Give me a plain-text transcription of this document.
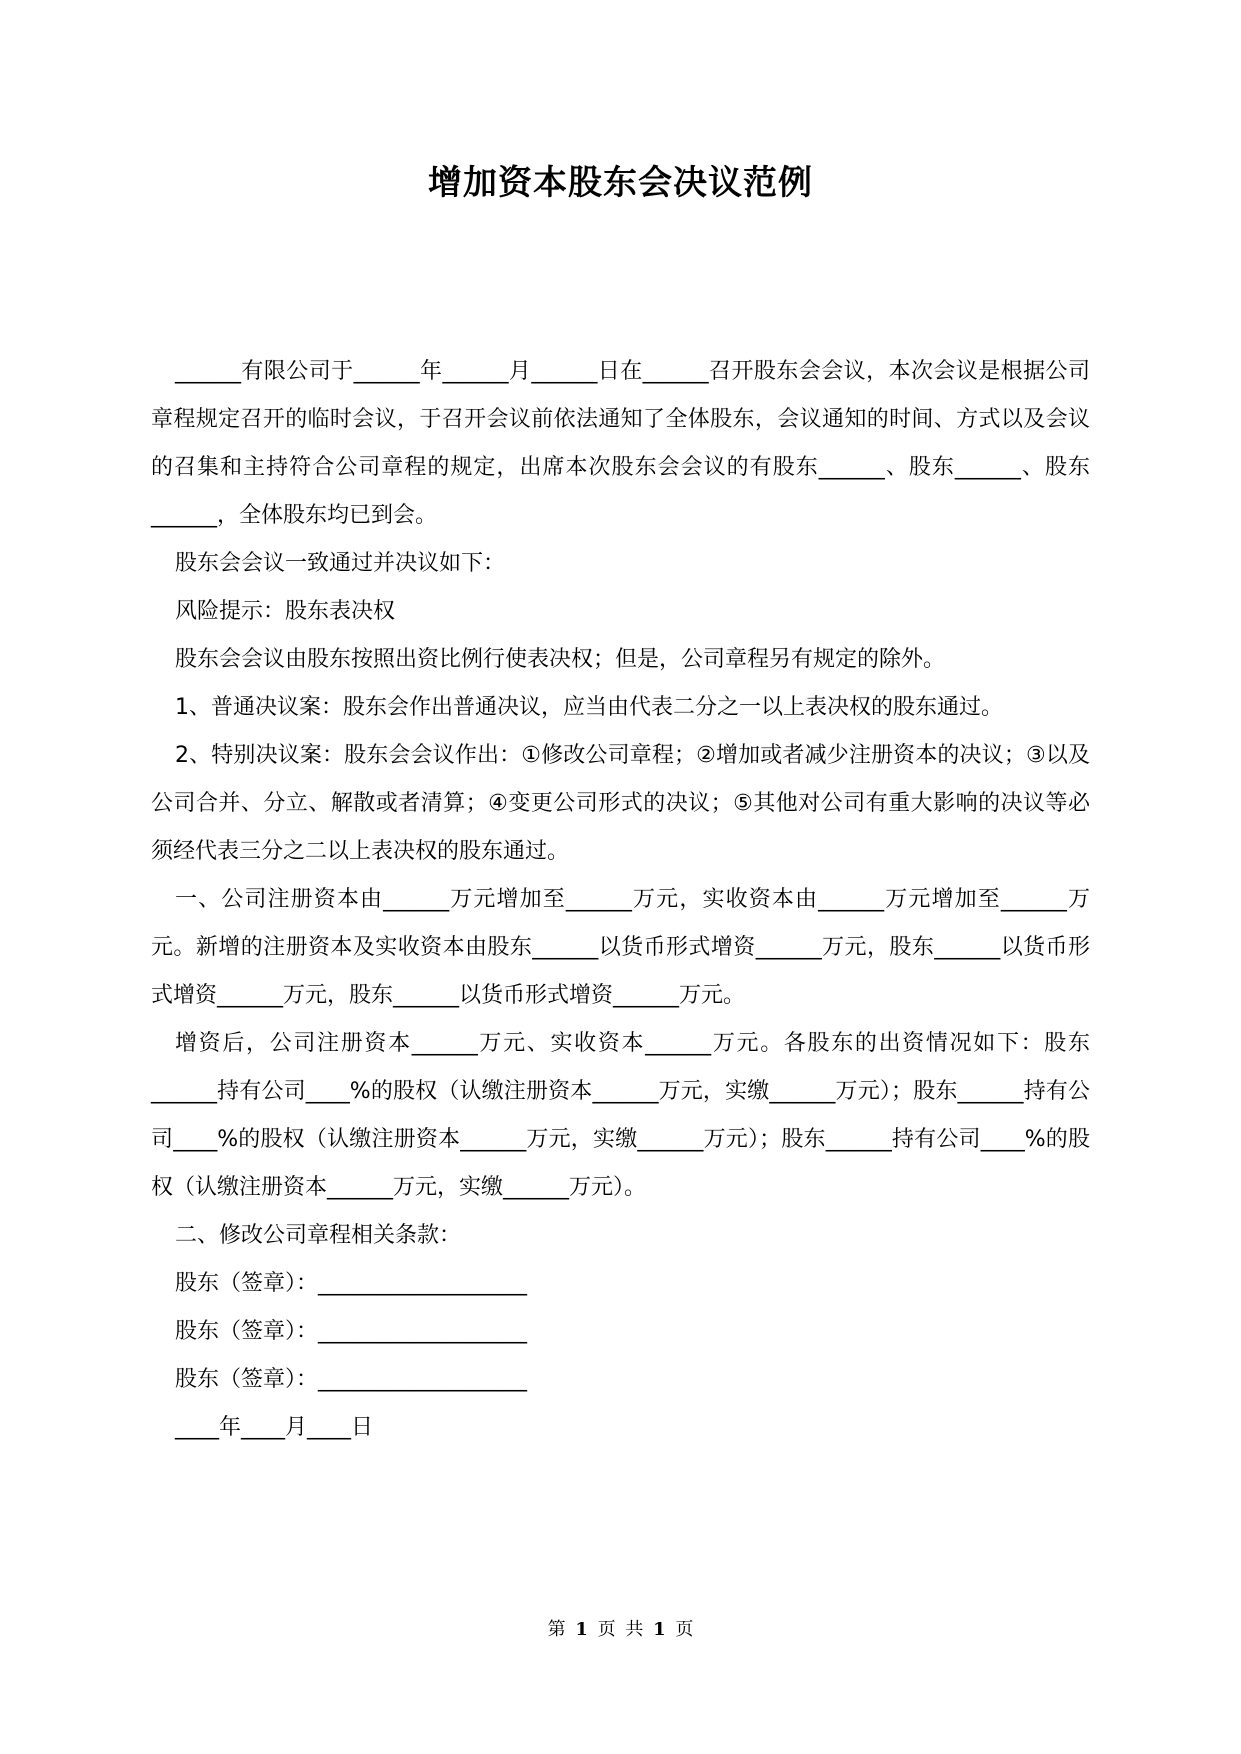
增加资本股东会决议范例

______有限公司于______年______月______日在______召开股东会会议，本次会议是根据公司章程规定召开的临时会议，于召开会议前依法通知了全体股东，会议通知的时间、方式以及会议的召集和主持符合公司章程的规定，出席本次股东会会议的有股东______、股东______、股东______，全体股东均已到会。

股东会会议一致通过并决议如下：

风险提示：股东表决权

股东会会议由股东按照出资比例行使表决权；但是，公司章程另有规定的除外。

1、普通决议案：股东会作出普通决议，应当由代表二分之一以上表决权的股东通过。

2、特别决议案：股东会会议作出：①修改公司章程；②增加或者减少注册资本的决议；③以及公司合并、分立、解散或者清算；④变更公司形式的决议；⑤其他对公司有重大影响的决议等必须经代表三分之二以上表决权的股东通过。

一、公司注册资本由______万元增加至______万元，实收资本由______万元增加至______万元。新增的注册资本及实收资本由股东______以货币形式增资______万元，股东______以货币形式增资______万元，股东______以货币形式增资______万元。

增资后，公司注册资本______万元、实收资本______万元。各股东的出资情况如下：股东______持有公司____%的股权（认缴注册资本______万元，实缴______万元）；股东______持有公司____%的股权（认缴注册资本______万元，实缴______万元）；股东______持有公司____%的股权（认缴注册资本______万元，实缴______万元）。

二、修改公司章程相关条款：

股东（签章）：___________________

股东（签章）：___________________

股东（签章）：___________________

____年____月____日

第 1 页 共 1 页
